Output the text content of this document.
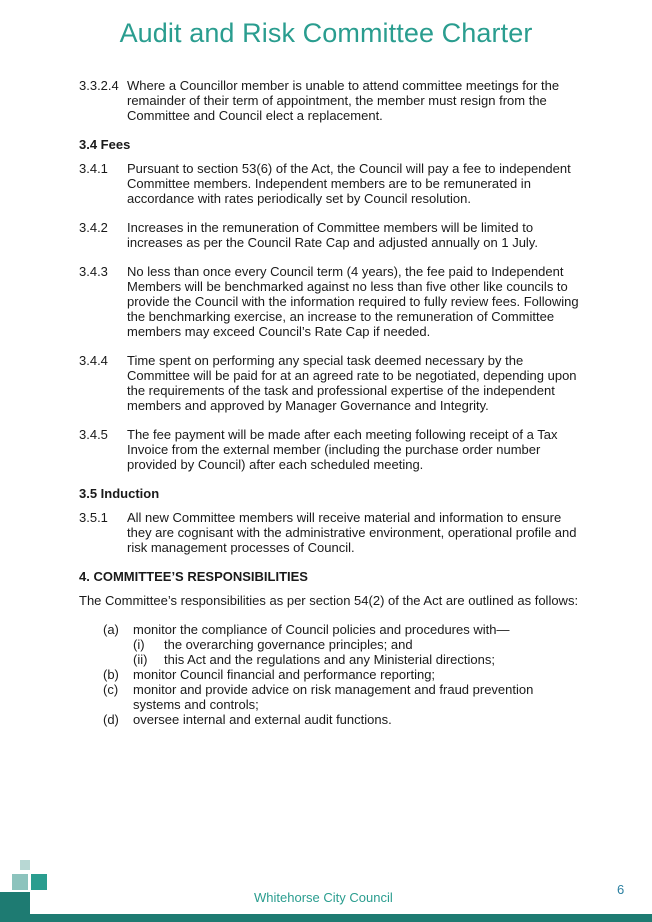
Audit and Risk Committee Charter
3.3.2.4 Where a Councillor member is unable to attend committee meetings for the remainder of their term of appointment, the member must resign from the Committee and Council elect a replacement.
3.4 Fees
3.4.1 Pursuant to section 53(6) of the Act, the Council will pay a fee to independent Committee members. Independent members are to be remunerated in accordance with rates periodically set by Council resolution.
3.4.2 Increases in the remuneration of Committee members will be limited to increases as per the Council Rate Cap and adjusted annually on 1 July.
3.4.3 No less than once every Council term (4 years), the fee paid to Independent Members will be benchmarked against no less than five other like councils to provide the Council with the information required to fully review fees. Following the benchmarking exercise, an increase to the remuneration of Committee members may exceed Council’s Rate Cap if needed.
3.4.4 Time spent on performing any special task deemed necessary by the Committee will be paid for at an agreed rate to be negotiated, depending upon the requirements of the task and professional expertise of the independent members and approved by Manager Governance and Integrity.
3.4.5 The fee payment will be made after each meeting following receipt of a Tax Invoice from the external member (including the purchase order number provided by Council) after each scheduled meeting.
3.5 Induction
3.5.1 All new Committee members will receive material and information to ensure they are cognisant with the administrative environment, operational profile and risk management processes of Council.
4. COMMITTEE’S RESPONSIBILITIES
The Committee’s responsibilities as per section 54(2) of the Act are outlined as follows:
(a) monitor the compliance of Council policies and procedures with—
(i) the overarching governance principles; and
(ii) this Act and the regulations and any Ministerial directions;
(b) monitor Council financial and performance reporting;
(c) monitor and provide advice on risk management and fraud prevention systems and controls;
(d) oversee internal and external audit functions.
Whitehorse City Council
6
